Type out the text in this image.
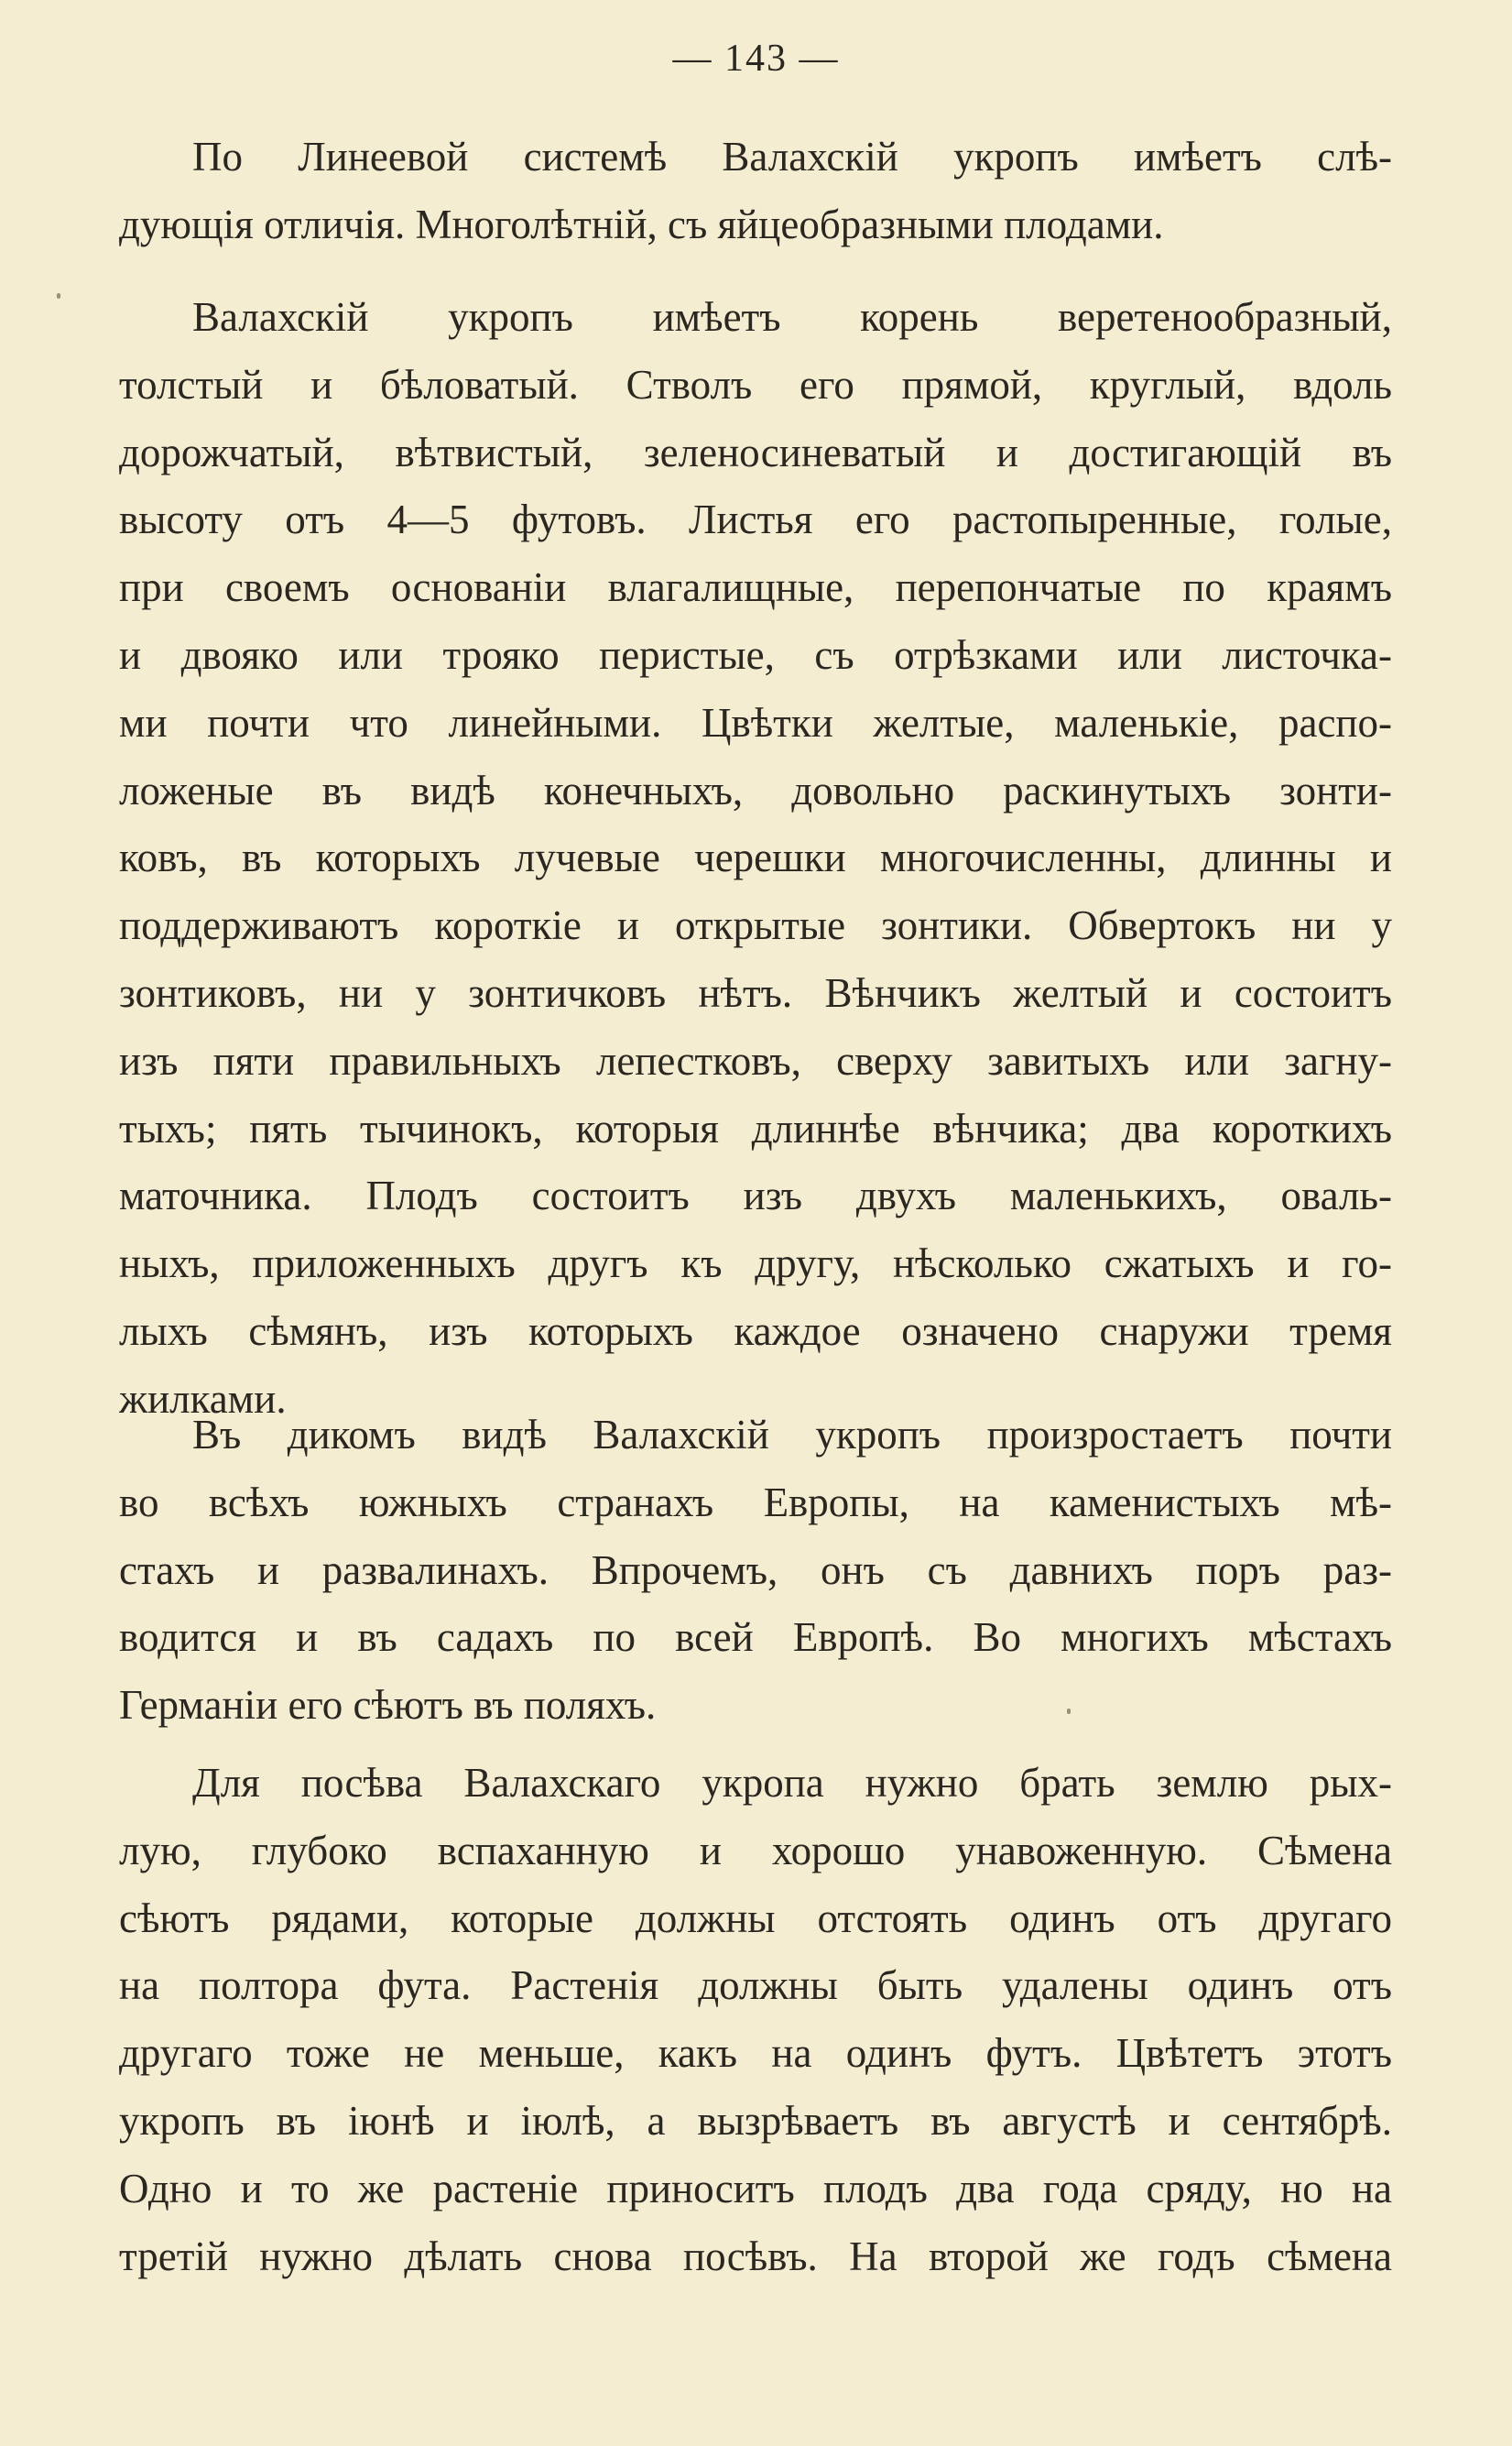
— 143 —
По Линеевой системѣ Валахскій укропъ имѣетъ слѣ-
дующія отличія. Многолѣтній, съ яйцеобразными плодами.
Валахскій укропъ имѣетъ корень веретенообразный,
толстый и бѣловатый. Стволъ его прямой, круглый, вдоль
дорожчатый, вѣтвистый, зеленосиневатый и достигающій въ
высоту отъ 4—5 футовъ. Листья его растопыренные, голые,
при своемъ основаніи влагалищные, перепончатые по краямъ
и двояко или трояко перистые, съ отрѣзками или листочка-
ми почти что линейными. Цвѣтки желтые, маленькіе, распо-
ложеные въ видѣ конечныхъ, довольно раскинутыхъ зонти-
ковъ, въ которыхъ лучевые черешки многочисленны, длинны и
поддерживаютъ короткіе и открытые зонтики. Обвертокъ ни у
зонтиковъ, ни у зонтичковъ нѣтъ. Вѣнчикъ желтый и состоитъ
изъ пяти правильныхъ лепестковъ, сверху завитыхъ или загну-
тыхъ; пять тычинокъ, которыя длиннѣе вѣнчика; два короткихъ
маточника. Плодъ состоитъ изъ двухъ маленькихъ, оваль-
ныхъ, приложенныхъ другъ къ другу, нѣсколько сжатыхъ и го-
лыхъ сѣмянъ, изъ которыхъ каждое означено снаружи тремя
жилками.
Въ дикомъ видѣ Валахскій укропъ произростаетъ почти
во всѣхъ южныхъ странахъ Европы, на каменистыхъ мѣ-
стахъ и развалинахъ. Впрочемъ, онъ съ давнихъ поръ раз-
водится и въ садахъ по всей Европѣ. Во многихъ мѣстахъ
Германіи его сѣютъ въ поляхъ.
Для посѣва Валахскаго укропа нужно брать землю рых-
лую, глубоко вспаханную и хорошо унавоженную. Сѣмена
сѣютъ рядами, которые должны отстоять одинъ отъ другаго
на полтора фута. Растенія должны быть удалены одинъ отъ
другаго тоже не меньше, какъ на одинъ футъ. Цвѣтетъ этотъ
укропъ въ іюнѣ и іюлѣ, а вызрѣваетъ въ августѣ и сентябрѣ.
Одно и то же растеніе приноситъ плодъ два года сряду, но на
третій нужно дѣлать снова посѣвъ. На второй же годъ сѣмена
